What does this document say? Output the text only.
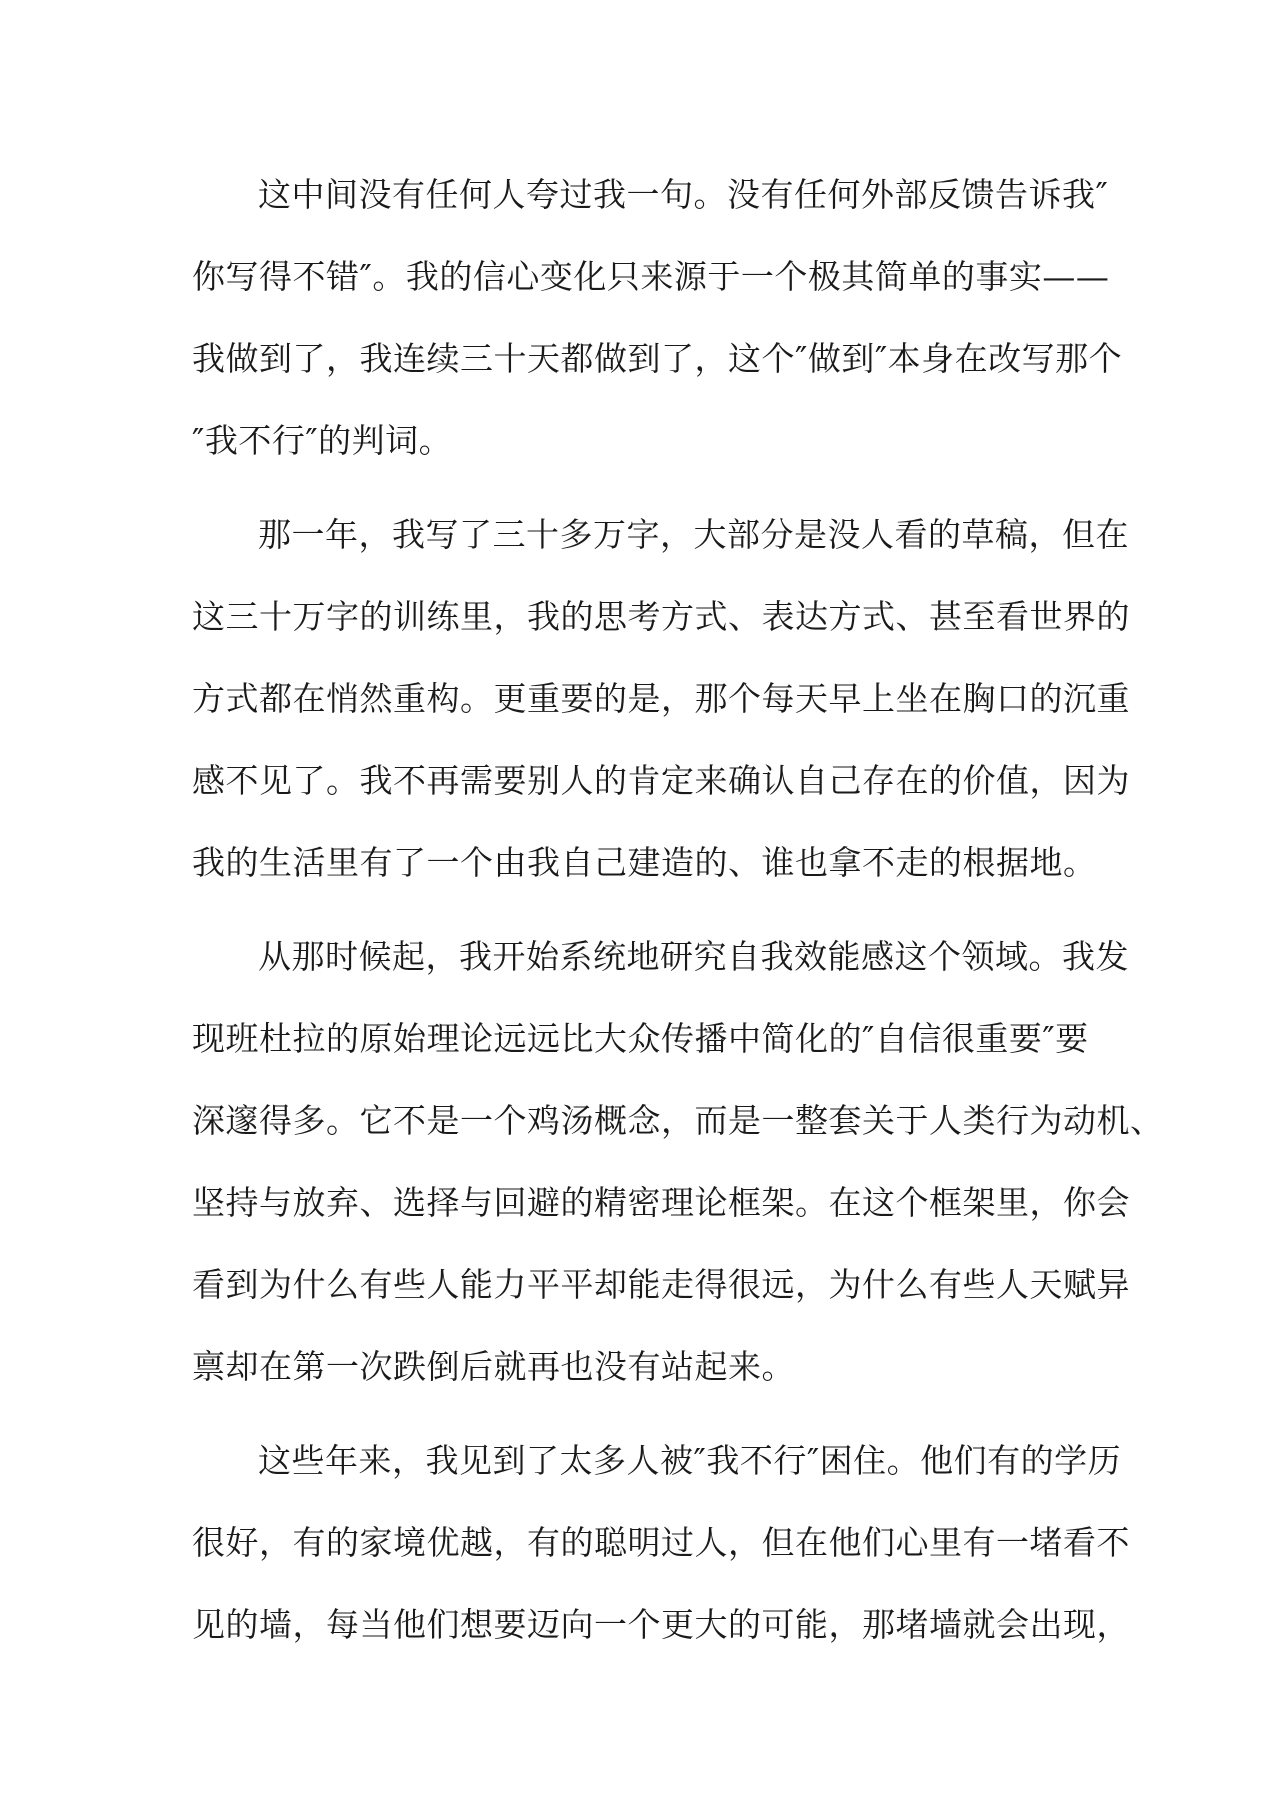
这中间没有任何人夸过我一句。没有任何外部反馈告诉我″
你写得不错″。我的信心变化只来源于一个极其简单的事实——
我做到了，我连续三十天都做到了，这个″做到″本身在改写那个
″我不行″的判词。
那一年，我写了三十多万字，大部分是没人看的草稿，但在
这三十万字的训练里，我的思考方式、表达方式、甚至看世界的
方式都在悄然重构。更重要的是，那个每天早上坐在胸口的沉重
感不见了。我不再需要别人的肯定来确认自己存在的价值，因为
我的生活里有了一个由我自己建造的、谁也拿不走的根据地。
从那时候起，我开始系统地研究自我效能感这个领域。我发
现班杜拉的原始理论远远比大众传播中简化的″自信很重要″要
深邃得多。它不是一个鸡汤概念，而是一整套关于人类行为动机、
坚持与放弃、选择与回避的精密理论框架。在这个框架里，你会
看到为什么有些人能力平平却能走得很远，为什么有些人天赋异
禀却在第一次跌倒后就再也没有站起来。
这些年来，我见到了太多人被″我不行″困住。他们有的学历
很好，有的家境优越，有的聪明过人，但在他们心里有一堵看不
见的墙，每当他们想要迈向一个更大的可能，那堵墙就会出现，
